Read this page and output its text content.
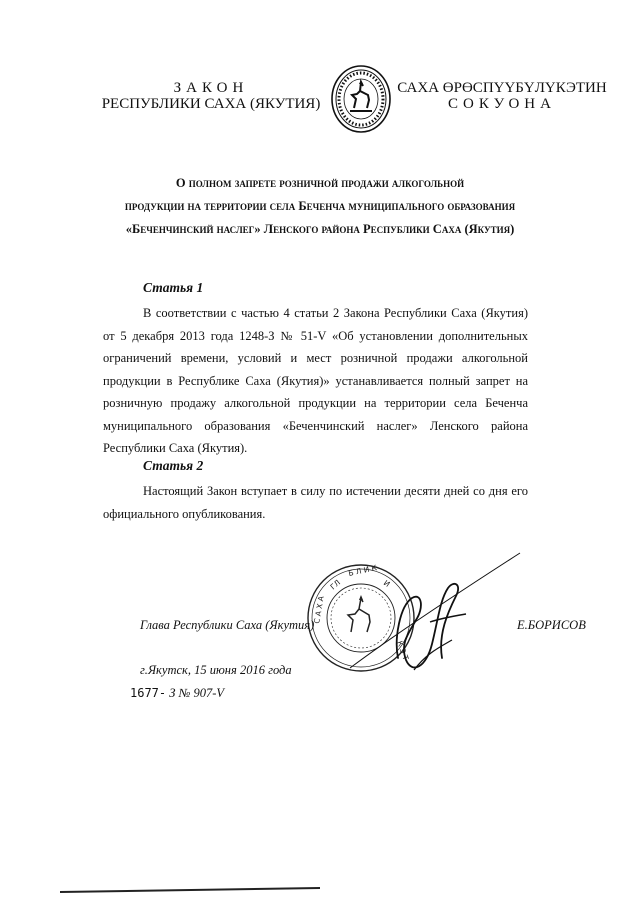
ЗАКОН
РЕСПУБЛИКИ САХА (ЯКУТИЯ)
САХА ӨРӨСПҮҮБҮЛҮКЭТИН
СОКУОНА
О полном запрете розничной продажи алкогольной
продукции на территории села Беченча муниципального образования
«Беченчинский наслег» Ленского района Республики Саха (Якутия)
Статья 1
В соответствии с частью 4 статьи 2 Закона Республики Саха (Якутия) от 5 декабря 2013 года 1248-З № 51-V «Об установлении дополнительных ограничений времени, условий и мест розничной продажи алкогольной продукции в Республике Саха (Якутия)» устанавливается полный запрет на розничную продажу алкогольной продукции на территории села Беченча муниципального образования «Беченчинский наслег» Ленского района Республики Саха (Якутия).
Статья 2
Настоящий Закон вступает в силу по истечении десяти дней со дня его официального опубликования.
ГЛ
Б Л И К
И
С А Х А
К Э Т
Глава Республики Саха (Якутия)	Е.БОРИСОВ
г.Якутск, 15 июня 2016 года
1677- З № 907-V
